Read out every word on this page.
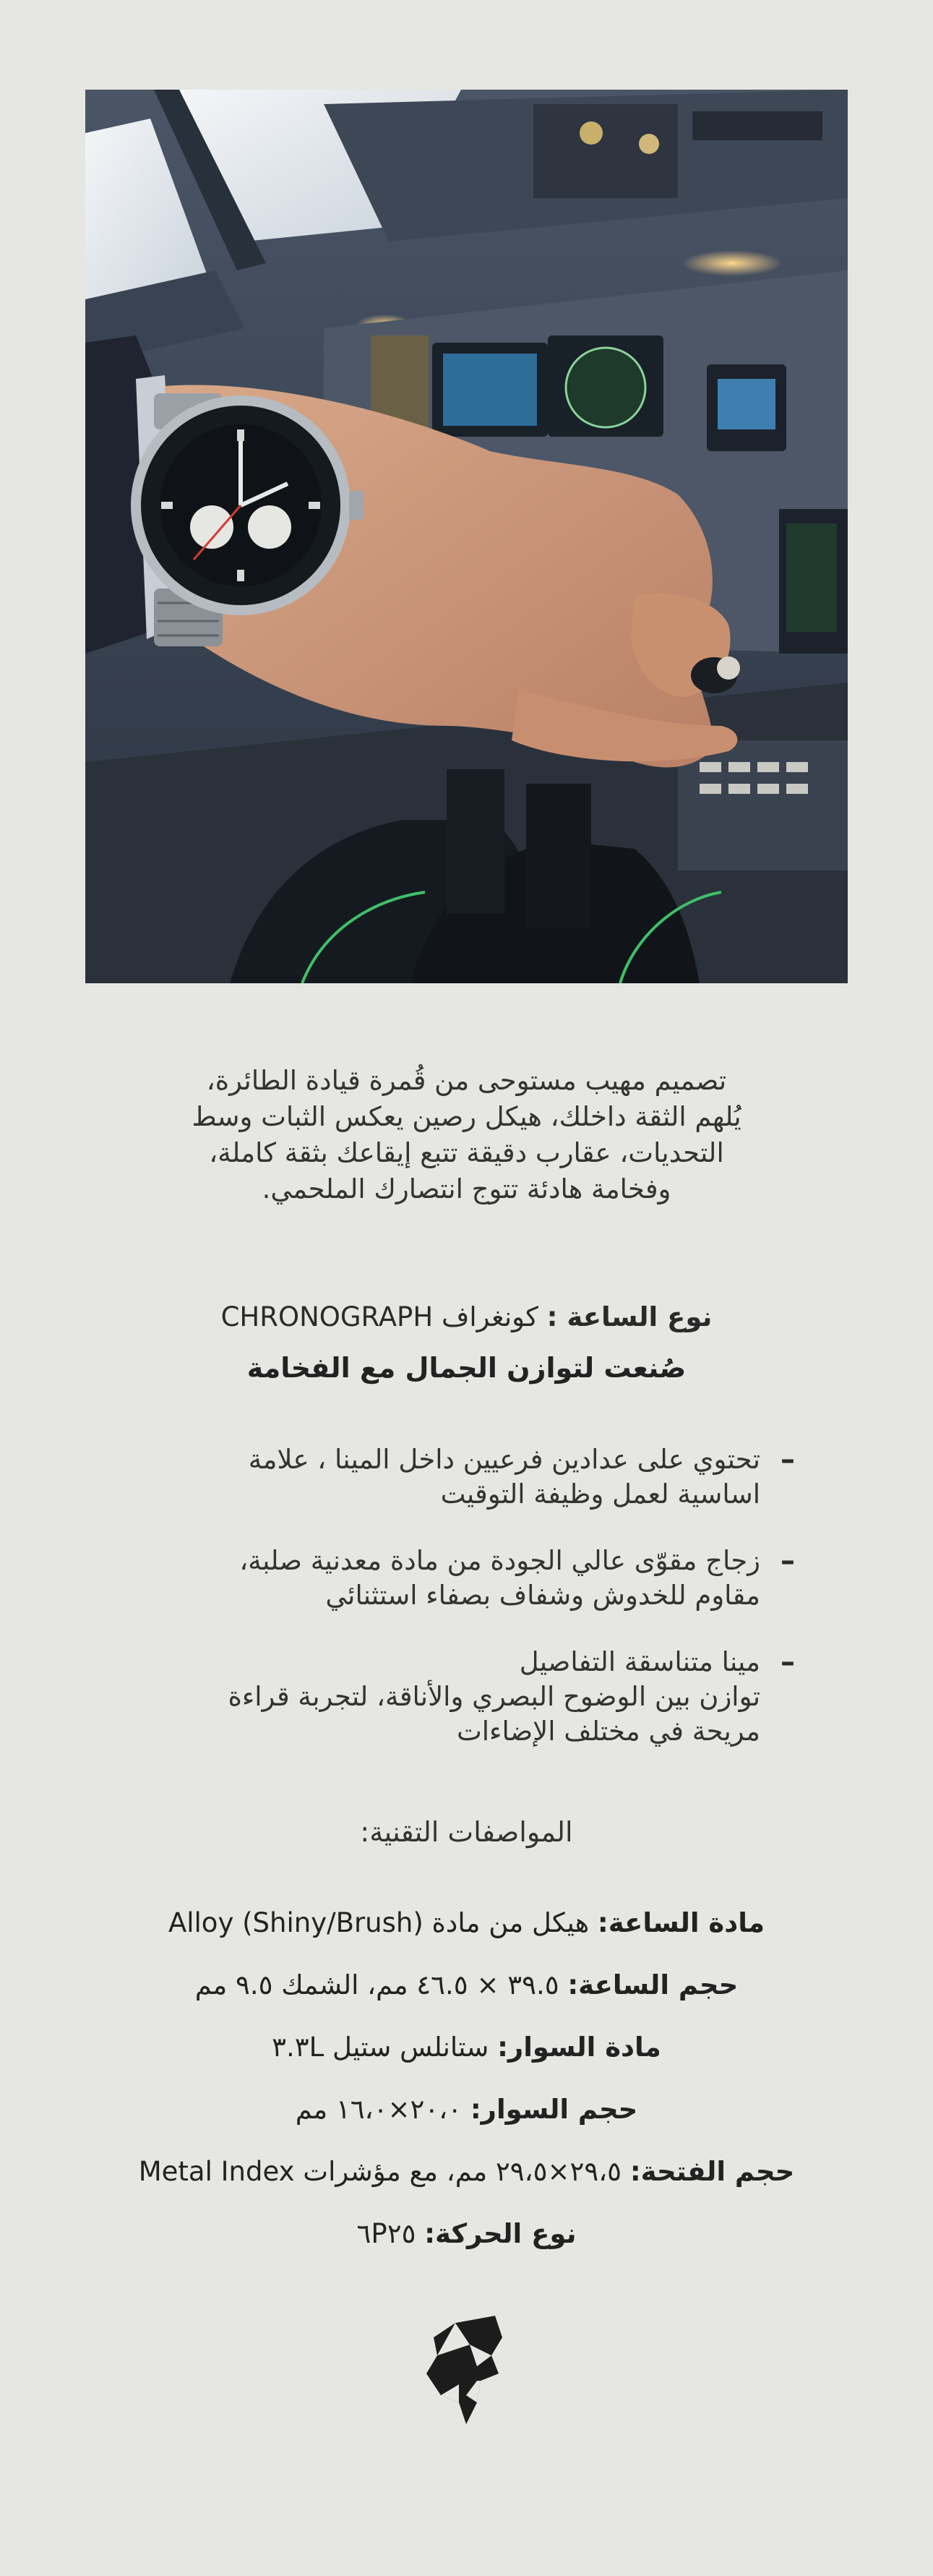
تصميم مهيب مستوحى من قُمرة قيادة الطائرة،
يُلهم الثقة داخلك، هيكل رصين يعكس الثبات وسط
التحديات، عقارب دقيقة تتبع إيقاعك بثقة كاملة،
وفخامة هادئة تتوج انتصارك الملحمي.
نوع الساعة : كونغراف CHRONOGRAPH
صُنعت لتوازن الجمال مع الفخامة
–
تحتوي على عدادين فرعيين داخل المينا ، علامة
اساسية لعمل وظيفة التوقيت
–
زجاج مقوّى عالي الجودة من مادة معدنية صلبة،
مقاوم للخدوش وشفاف بصفاء استثنائي
–
مينا متناسقة التفاصيل
توازن بين الوضوح البصري والأناقة، لتجربة قراءة
مريحة في مختلف الإضاءات
المواصفات التقنية:
مادة الساعة: هيكل من مادة Alloy (Shiny/Brush)
حجم الساعة: ٣٩.٥ × ٤٦.٥ مم، الشمك ٩.٥ مم
مادة السوار: ستانلس ستيل ٣.٣L
حجم السوار: ٢٠،٠×١٦،٠ مم
حجم الفتحة: ٢٩،٥×٢٩،٥ مم، مع مؤشرات Metal Index
نوع الحركة: ٦P٢٥
